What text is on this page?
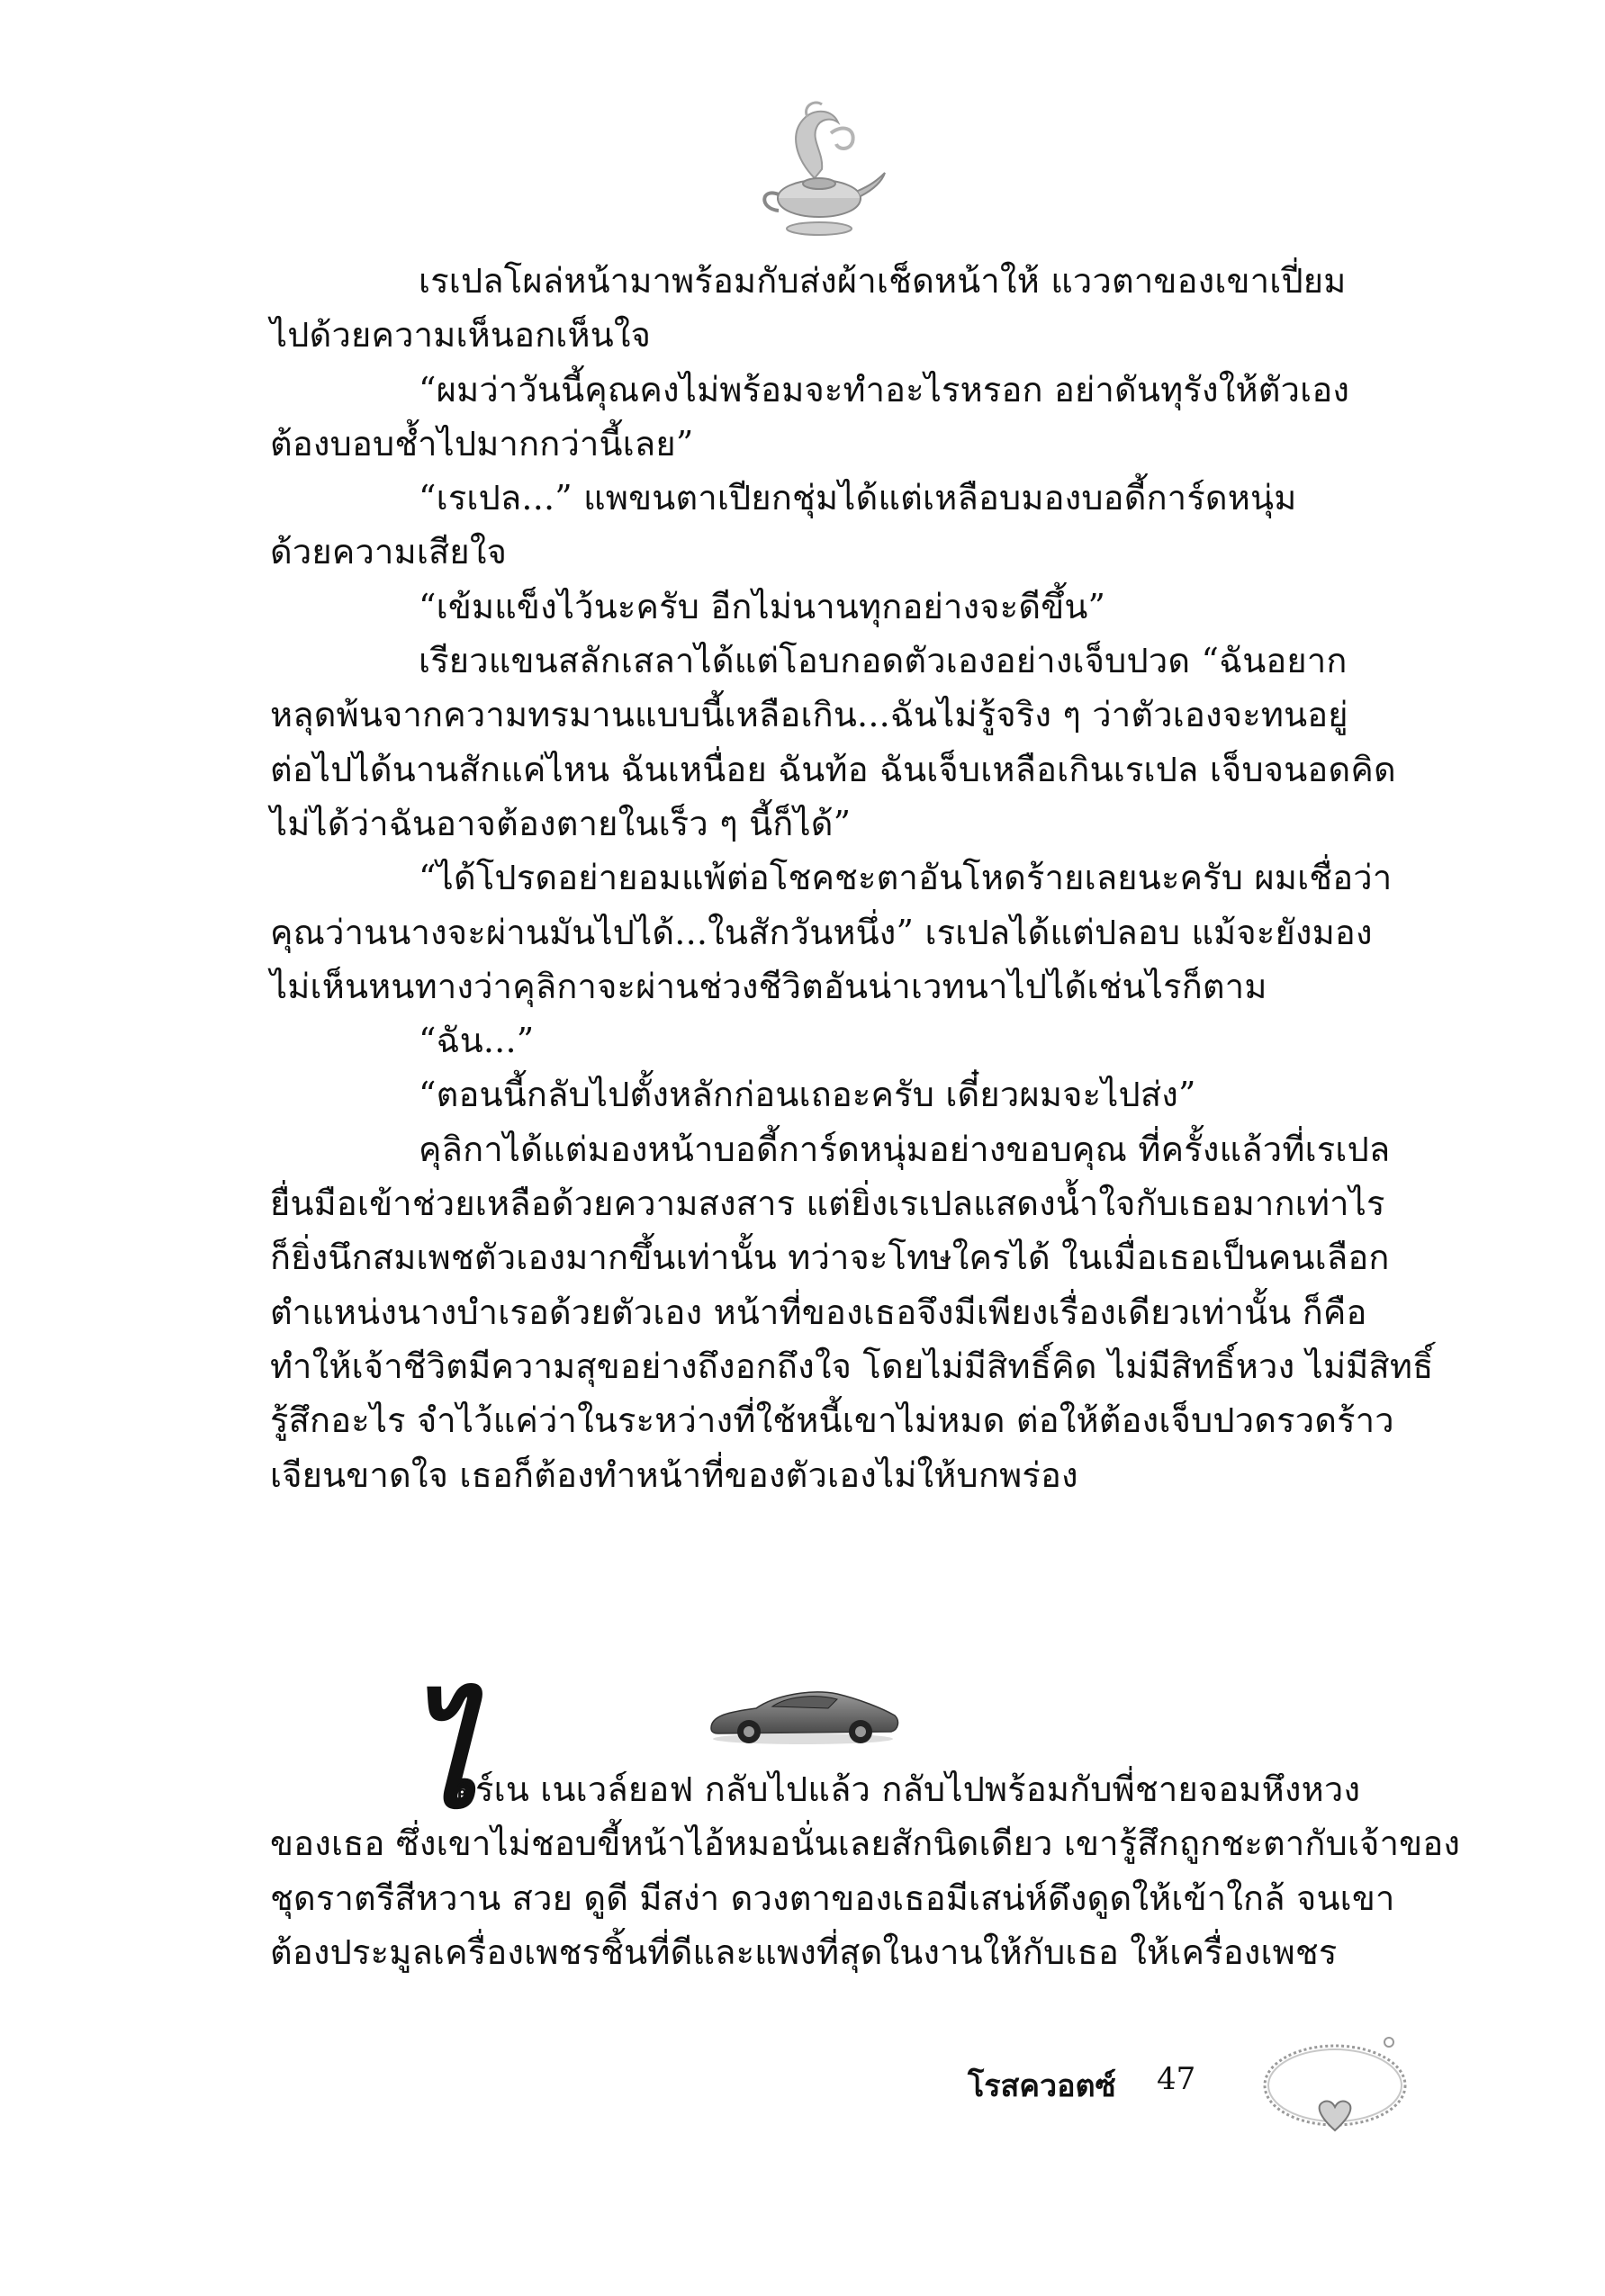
เรเปลโผล่หน้ามาพร้อมกับส่งผ้าเช็ดหน้าให้ แววตาของเขาเปี่ยม
ไปด้วยความเห็นอกเห็นใจ
“ผมว่าวันนี้คุณคงไม่พร้อมจะทำอะไรหรอก อย่าดันทุรังให้ตัวเอง
ต้องบอบช้ำไปมากกว่านี้เลย”
“เรเปล...” แพขนตาเปียกชุ่มได้แต่เหลือบมองบอดี้การ์ดหนุ่ม
ด้วยความเสียใจ
“เข้มแข็งไว้นะครับ อีกไม่นานทุกอย่างจะดีขึ้น”
เรียวแขนสลักเสลาได้แต่โอบกอดตัวเองอย่างเจ็บปวด “ฉันอยาก
หลุดพ้นจากความทรมานแบบนี้เหลือเกิน...ฉันไม่รู้จริง ๆ ว่าตัวเองจะทนอยู่
ต่อไปได้นานสักแค่ไหน ฉันเหนื่อย ฉันท้อ ฉันเจ็บเหลือเกินเรเปล เจ็บจนอดคิด
ไม่ได้ว่าฉันอาจต้องตายในเร็ว ๆ นี้ก็ได้”
“ได้โปรดอย่ายอมแพ้ต่อโชคชะตาอันโหดร้ายเลยนะครับ ผมเชื่อว่า
คุณว่านนางจะผ่านมันไปได้...ในสักวันหนึ่ง” เรเปลได้แต่ปลอบ แม้จะยังมอง
ไม่เห็นหนทางว่าคุลิกาจะผ่านช่วงชีวิตอันน่าเวทนาไปได้เช่นไรก็ตาม
“ฉัน...”
“ตอนนี้กลับไปตั้งหลักก่อนเถอะครับ เดี๋ยวผมจะไปส่ง”
คุลิกาได้แต่มองหน้าบอดี้การ์ดหนุ่มอย่างขอบคุณ ที่ครั้งแล้วที่เรเปล
ยื่นมือเข้าช่วยเหลือด้วยความสงสาร แต่ยิ่งเรเปลแสดงน้ำใจกับเธอมากเท่าไร
ก็ยิ่งนึกสมเพชตัวเองมากขึ้นเท่านั้น ทว่าจะโทษใครได้ ในเมื่อเธอเป็นคนเลือก
ตำแหน่งนางบำเรอด้วยตัวเอง หน้าที่ของเธอจึงมีเพียงเรื่องเดียวเท่านั้น ก็คือ
ทำให้เจ้าชีวิตมีความสุขอย่างถึงอกถึงใจ โดยไม่มีสิทธิ์คิด ไม่มีสิทธิ์หวง ไม่มีสิทธิ์
รู้สึกอะไร จำไว้แค่ว่าในระหว่างที่ใช้หนี้เขาไม่หมด ต่อให้ต้องเจ็บปวดรวดร้าว
เจียนขาดใจ เธอก็ต้องทำหน้าที่ของตัวเองไม่ให้บกพร่อง
ไ
อร์เน เนเวล์ยอฟ กลับไปแล้ว กลับไปพร้อมกับพี่ชายจอมหึงหวง
ของเธอ ซึ่งเขาไม่ชอบขี้หน้าไอ้หมอนั่นเลยสักนิดเดียว เขารู้สึกถูกชะตากับเจ้าของ
ชุดราตรีสีหวาน สวย ดูดี มีสง่า ดวงตาของเธอมีเสน่ห์ดึงดูดให้เข้าใกล้ จนเขา
ต้องประมูลเครื่องเพชรชิ้นที่ดีและแพงที่สุดในงานให้กับเธอ ให้เครื่องเพชร
โรสควอตซ์ 47
